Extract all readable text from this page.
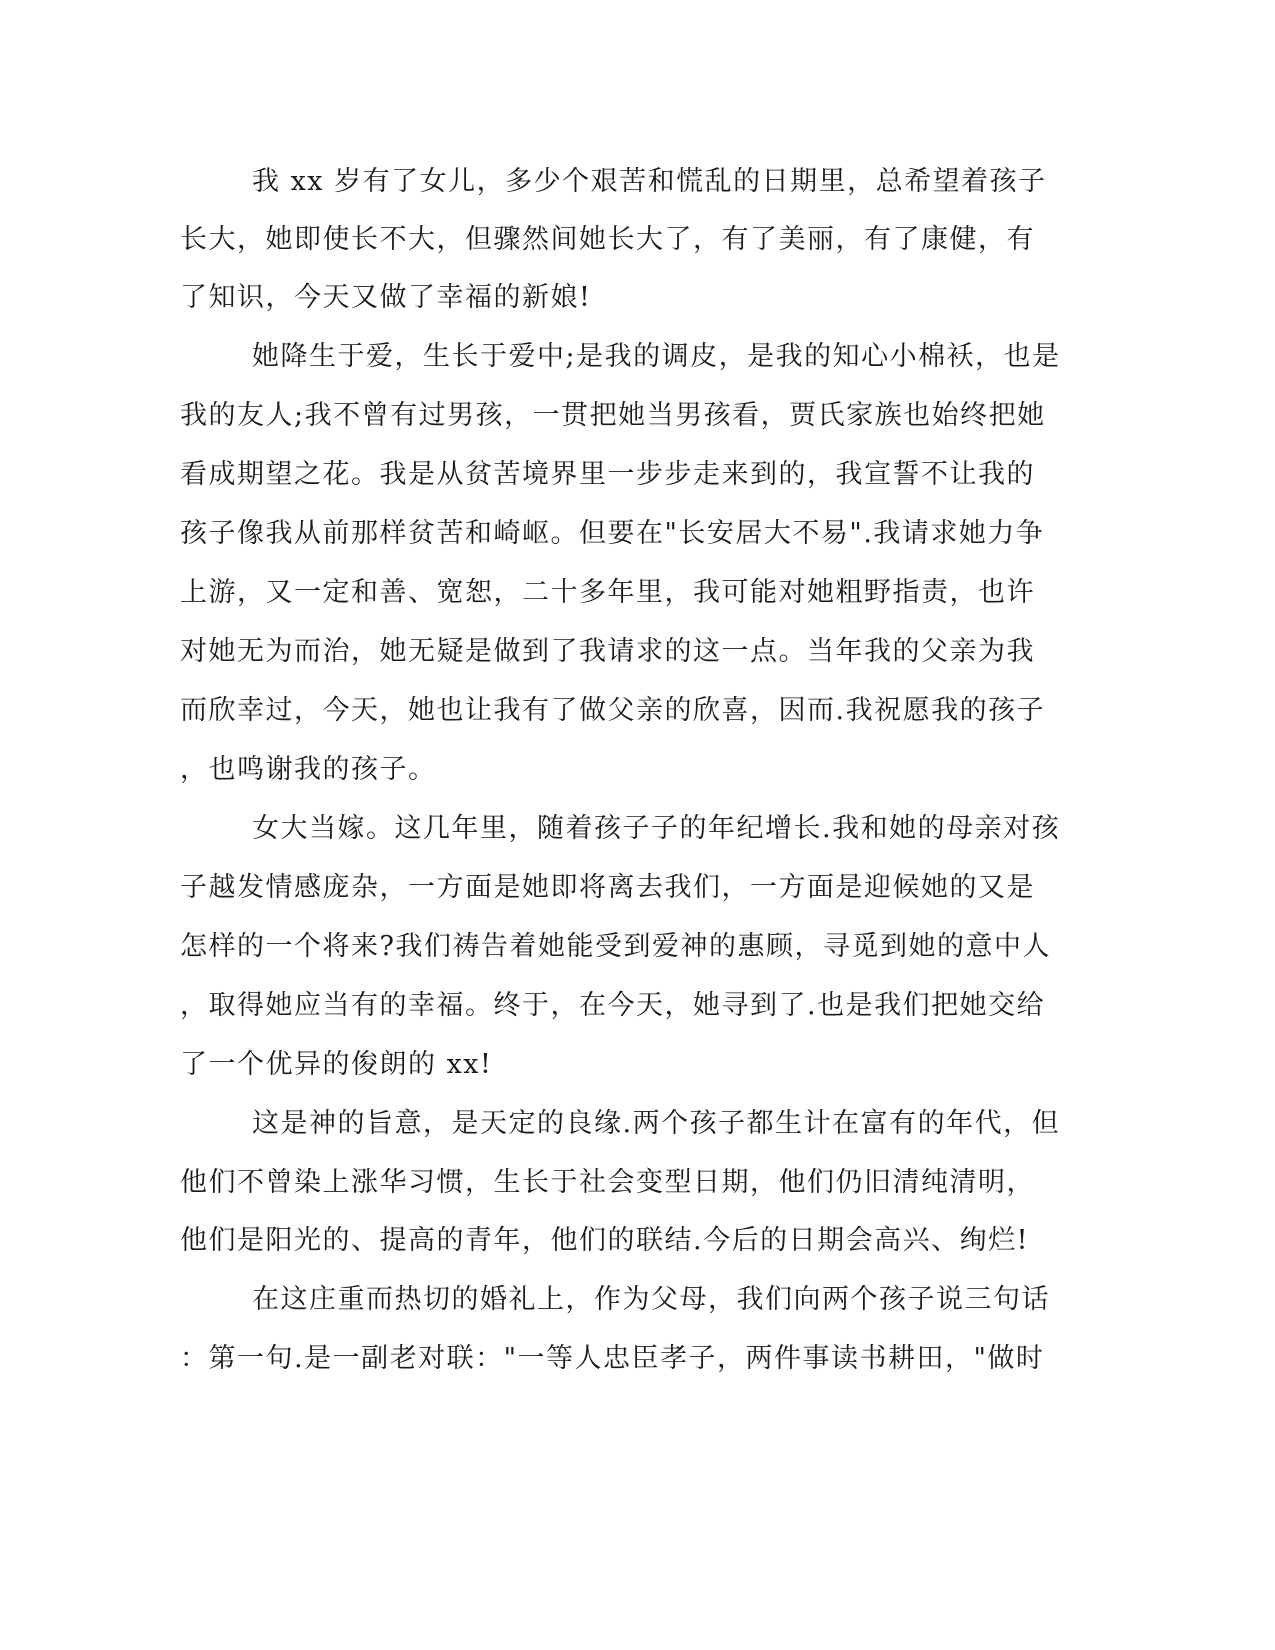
我 xx 岁有了女儿，多少个艰苦和慌乱的日期里，总希望着孩子

长大，她即使长不大，但骤然间她长大了，有了美丽，有了康健，有

了知识，今天又做了幸福的新娘!

她降生于爱，生长于爱中;是我的调皮，是我的知心小棉袄，也是

我的友人;我不曾有过男孩，一贯把她当男孩看，贾氏家族也始终把她

看成期望之花。我是从贫苦境界里一步步走来到的，我宣誓不让我的

孩子像我从前那样贫苦和崎岖。但要在"长安居大不易".我请求她力争

上游，又一定和善、宽恕，二十多年里，我可能对她粗野指责，也许

对她无为而治，她无疑是做到了我请求的这一点。当年我的父亲为我

而欣幸过，今天，她也让我有了做父亲的欣喜，因而.我祝愿我的孩子

，也鸣谢我的孩子。

女大当嫁。这几年里，随着孩子子的年纪增长.我和她的母亲对孩

子越发情感庞杂，一方面是她即将离去我们，一方面是迎候她的又是

怎样的一个将来?我们祷告着她能受到爱神的惠顾，寻觅到她的意中人

，取得她应当有的幸福。终于，在今天，她寻到了.也是我们把她交给

了一个优异的俊朗的 xx!

这是神的旨意，是天定的良缘.两个孩子都生计在富有的年代，但

他们不曾染上涨华习惯，生长于社会变型日期，他们仍旧清纯清明，

他们是阳光的、提高的青年，他们的联结.今后的日期会高兴、绚烂!

在这庄重而热切的婚礼上，作为父母，我们向两个孩子说三句话

：第一句.是一副老对联："一等人忠臣孝子，两件事读书耕田，"做时
